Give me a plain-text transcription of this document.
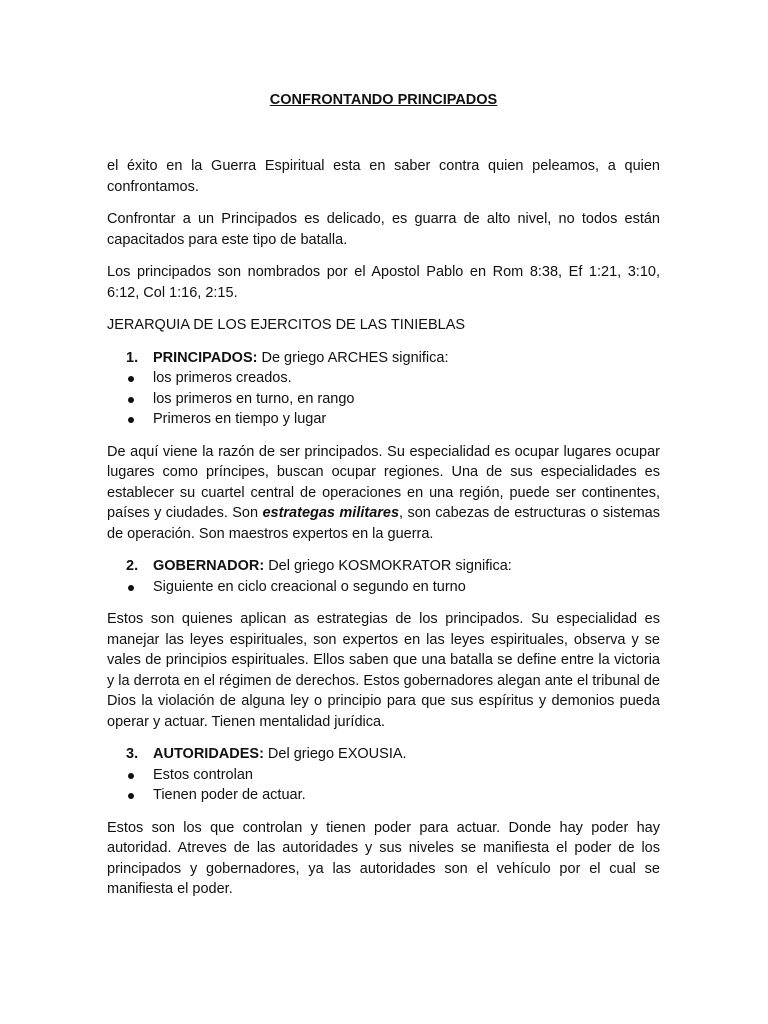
CONFRONTANDO PRINCIPADOS

el éxito en la Guerra Espiritual esta en saber contra quien peleamos, a quien confrontamos.

Confrontar a un Principados es delicado, es guarra de alto nivel, no todos están capacitados para este tipo de batalla.

Los principados son nombrados por el Apostol Pablo en Rom 8:38, Ef 1:21, 3:10, 6:12, Col 1:16, 2:15.

JERARQUIA DE LOS EJERCITOS DE LAS TINIEBLAS

1.	PRINCIPADOS: De griego ARCHES significa:
los primeros creados.
los primeros en turno, en rango
Primeros en tiempo y lugar

De aquí viene la razón de ser principados. Su especialidad es ocupar lugares ocupar lugares como príncipes, buscan ocupar regiones. Una de sus especialidades es establecer su cuartel central de operaciones en una región, puede ser continentes, países y ciudades. Son estrategas militares, son cabezas de estructuras o sistemas de operación. Son maestros expertos en la guerra.

2.	GOBERNADOR: Del griego KOSMOKRATOR significa:
Siguiente en ciclo creacional o segundo en turno

Estos son quienes aplican as estrategias de los principados. Su especialidad es manejar las leyes espirituales, son expertos en las leyes espirituales, observa y se vales de principios espirituales. Ellos saben que una batalla se define entre la victoria y la derrota en el régimen de derechos. Estos gobernadores alegan ante el tribunal de Dios la violación de alguna ley o principio para que sus espíritus y demonios pueda operar y actuar. Tienen mentalidad jurídica.

3.	AUTORIDADES: Del griego EXOUSIA.
Estos controlan
Tienen poder de actuar.

Estos son los que controlan y tienen poder para actuar. Donde hay poder hay autoridad. Atreves de las autoridades y sus niveles se manifiesta el poder de los principados y gobernadores, ya las autoridades son el vehículo por el cual se manifiesta el poder.
